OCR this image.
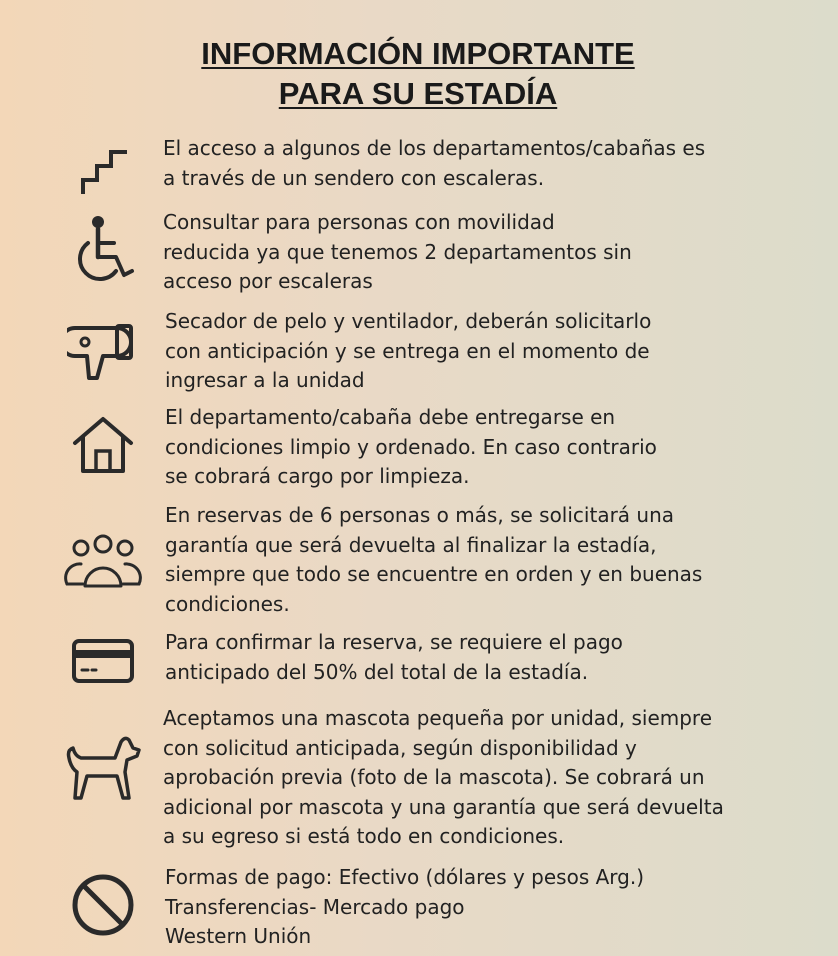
INFORMACIÓN IMPORTANTE
PARA SU ESTADÍA
El acceso a algunos de los departamentos/cabañas es
a través de un sendero con escaleras.
Consultar para personas con movilidad
reducida ya que tenemos 2 departamentos sin
acceso por escaleras
Secador de pelo y ventilador, deberán solicitarlo
con anticipación y se entrega en el momento de
ingresar a la unidad
El departamento/cabaña debe entregarse en
condiciones limpio y ordenado. En caso contrario
se cobrará cargo por limpieza.
En reservas de 6 personas o más, se solicitará una
garantía que será devuelta al finalizar la estadía,
siempre que todo se encuentre en orden y en buenas
condiciones.
Para confirmar la reserva, se requiere el pago
anticipado del 50% del total de la estadía.
Aceptamos una mascota pequeña por unidad, siempre
con solicitud anticipada, según disponibilidad y
aprobación previa (foto de la mascota). Se cobrará un
adicional por mascota y una garantía que será devuelta
a su egreso si está todo en condiciones.
Formas de pago: Efectivo (dólares y pesos Arg.)
Transferencias- Mercado pago
Western Unión
